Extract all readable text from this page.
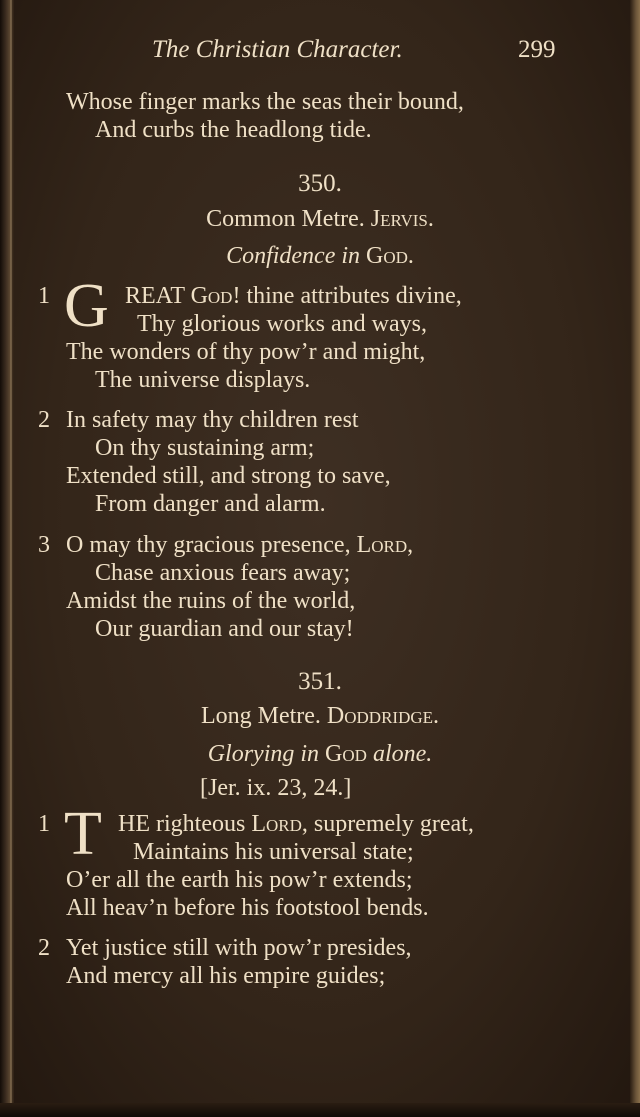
The Christian Character.	299
Whose finger marks the seas their bound,
And curbs the headlong tide.
350.
Common Metre. Jervis.
Confidence in God.
1 G REAT God! thine attributes divine,
Thy glorious works and ways,
The wonders of thy pow’r and might,
The universe displays.
2 In safety may thy children rest
On thy sustaining arm;
Extended still, and strong to save,
From danger and alarm.
3 O may thy gracious presence, Lord,
Chase anxious fears away;
Amidst the ruins of the world,
Our guardian and our stay!
351.
Long Metre. Doddridge.
Glorying in God alone.
[Jer. ix. 23, 24.]
1 T HE righteous Lord, supremely great,
Maintains his universal state;
O’er all the earth his pow’r extends;
All heav’n before his footstool bends.
2 Yet justice still with pow’r presides,
And mercy all his empire guides;
